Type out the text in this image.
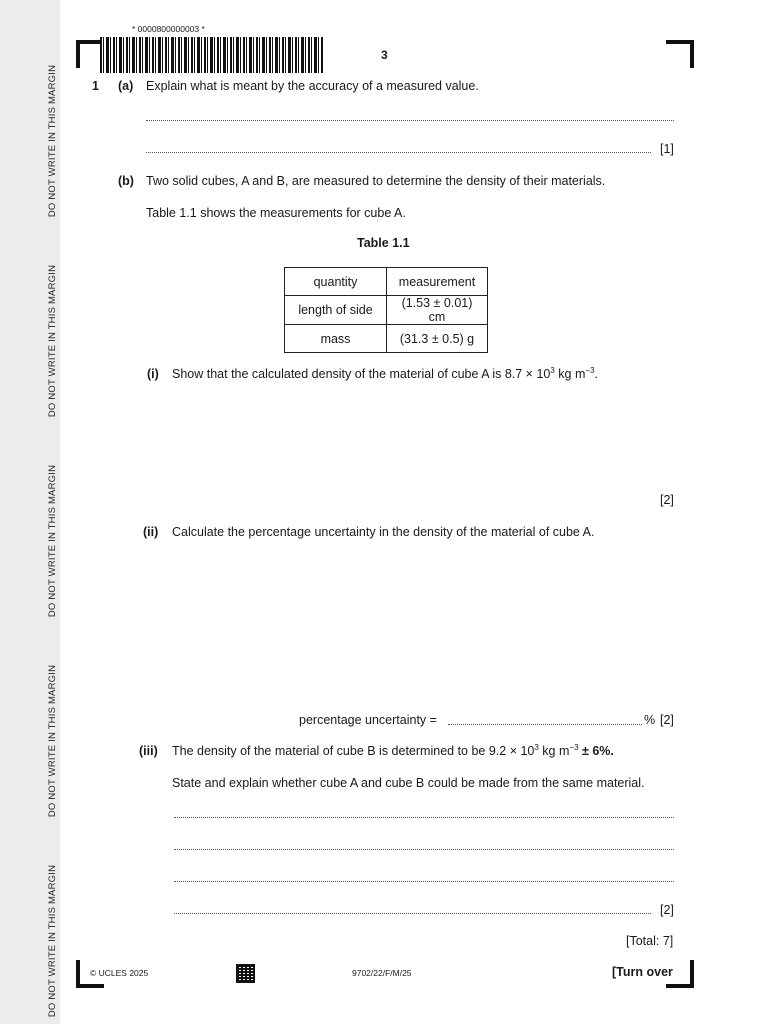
DO NOT WRITE IN THIS MARGIN
DO NOT WRITE IN THIS MARGIN
DO NOT WRITE IN THIS MARGIN
DO NOT WRITE IN THIS MARGIN
DO NOT WRITE IN THIS MARGIN
* 0000800000003 *
3
1 (a) Explain what is meant by the accuracy of a measured value.
[1]
(b) Two solid cubes, A and B, are measured to determine the density of their materials.
Table 1.1 shows the measurements for cube A.
Table 1.1
quantity	measurement
length of side	(1.53 ± 0.01) cm
mass	(31.3 ± 0.5) g
(i) Show that the calculated density of the material of cube A is $8.7 \times 10^3$ kg $m^{-3}$.
[2]
(ii) Calculate the percentage uncertainty in the density of the material of cube A.
percentage uncertainty =	% [2]
(iii) The density of the material of cube B is determined to be $9.2 \times 10^3$ kg $m^{-3} \pm 6\%$.
State and explain whether cube A and cube B could be made from the same material.
[2]
[Total: 7]
© UCLES 2025	9702/22/F/M/25	[Turn over
